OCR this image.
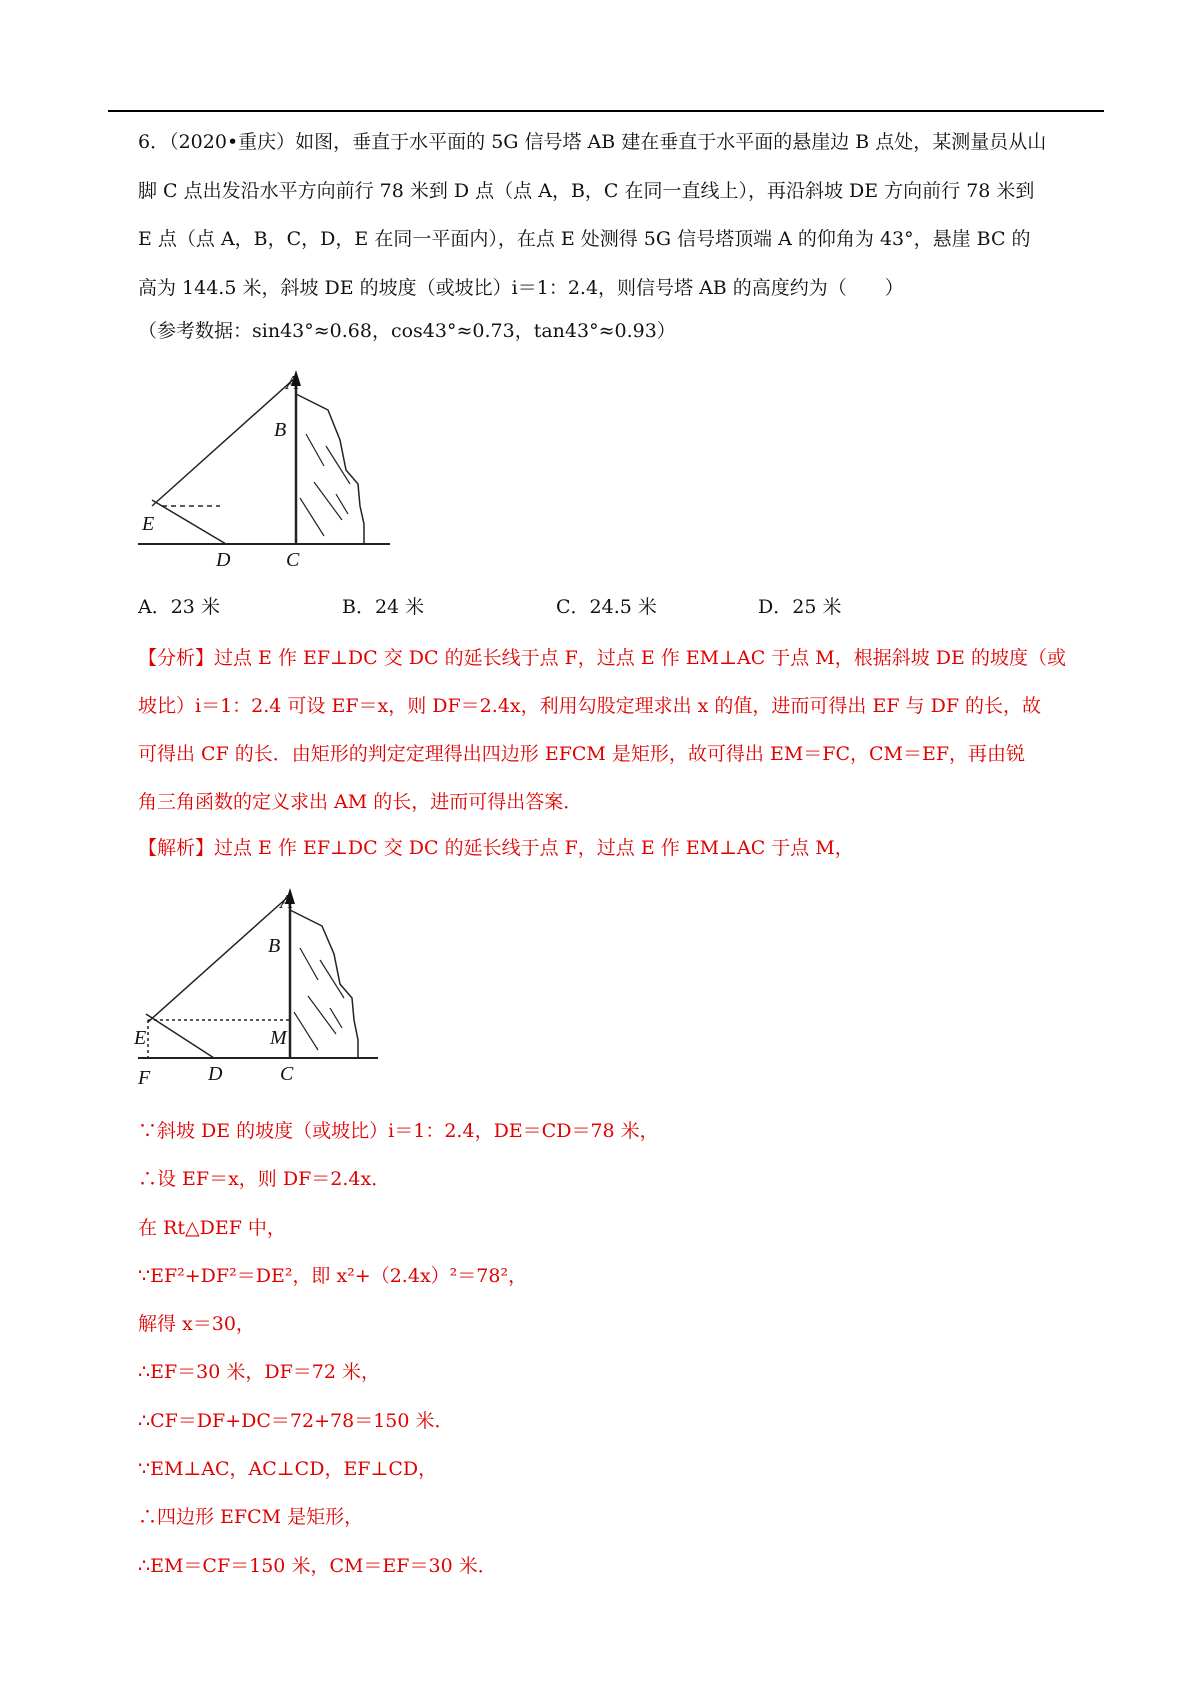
6．（2020•重庆）如图，垂直于水平面的 5G 信号塔 AB 建在垂直于水平面的悬崖边 B 点处，某测量员从山

脚 C 点出发沿水平方向前行 78 米到 D 点（点 A，B，C 在同一直线上），再沿斜坡 DE 方向前行 78 米到

E 点（点 A，B，C，D，E 在同一平面内），在点 E 处测得 5G 信号塔顶端 A 的仰角为 43°，悬崖 BC 的

高为 144.5 米，斜坡 DE 的坡度（或坡比）i＝1：2.4，则信号塔 AB 的高度约为（　　）

（参考数据：sin43°≈0.68，cos43°≈0.73，tan43°≈0.93）
A
B
E
D	C
A．23 米	B．24 米	C．24.5 米	D．25 米

【分析】过点 E 作 EF⊥DC 交 DC 的延长线于点 F，过点 E 作 EM⊥AC 于点 M，根据斜坡 DE 的坡度（或

坡比）i＝1：2.4 可设 EF＝x，则 DF＝2.4x，利用勾股定理求出 x 的值，进而可得出 EF 与 DF 的长，故

可得出 CF 的长．由矩形的判定定理得出四边形 EFCM 是矩形，故可得出 EM＝FC，CM＝EF，再由锐

角三角函数的定义求出 AM 的长，进而可得出答案．

【解析】过点 E 作 EF⊥DC 交 DC 的延长线于点 F，过点 E 作 EM⊥AC 于点 M，
A
B
E	M
F	D	C

∵斜坡 DE 的坡度（或坡比）i＝1：2.4，DE＝CD＝78 米，

∴设 EF＝x，则 DF＝2.4x．

在 Rt△DEF 中，

∵EF²+DF²＝DE²，即 x²+（2.4x）²＝78²，

解得 x＝30，

∴EF＝30 米，DF＝72 米，

∴CF＝DF+DC＝72+78＝150 米．

∵EM⊥AC，AC⊥CD，EF⊥CD，

∴四边形 EFCM 是矩形，

∴EM＝CF＝150 米，CM＝EF＝30 米．
